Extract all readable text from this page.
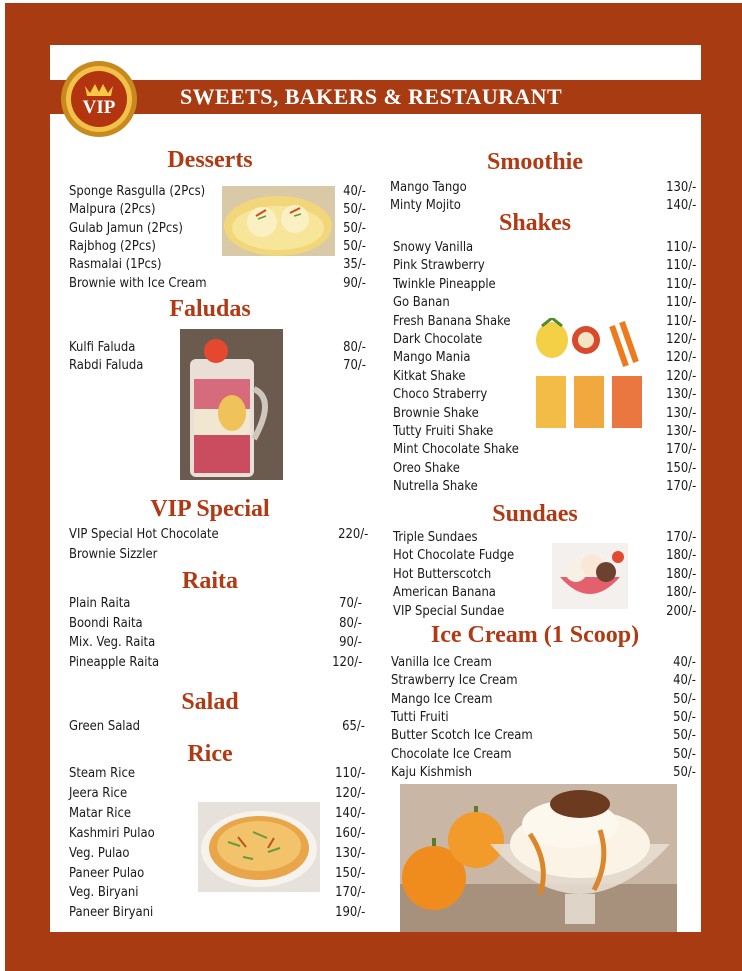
SWEETS, BAKERS & RESTAURANT
VIP
Desserts
Sponge Rasgulla (2Pcs)	40/-
Malpura (2Pcs)	50/-
Gulab Jamun (2Pcs)	50/-
Rajbhog (2Pcs)	50/-
Rasmalai (1Pcs)	35/-
Brownie with Ice Cream	90/-
Faludas
Kulfi Faluda	80/-
Rabdi Faluda	70/-
VIP Special
VIP Special Hot Chocolate	220/-
Brownie Sizzler
Raita
Plain Raita	70/-
Boondi Raita	80/-
Mix. Veg. Raita	90/-
Pineapple Raita	120/-
Salad
Green Salad	65/-
Rice
Steam Rice	110/-
Jeera Rice	120/-
Matar Rice	140/-
Kashmiri Pulao	160/-
Veg. Pulao	130/-
Paneer Pulao	150/-
Veg. Biryani	170/-
Paneer Biryani	190/-
Smoothie
Mango Tango	130/-
Minty Mojito	140/-
Shakes
Snowy Vanilla	110/-
Pink Strawberry	110/-
Twinkle Pineapple	110/-
Go Banan	110/-
Fresh Banana Shake	110/-
Dark Chocolate	120/-
Mango Mania	120/-
Kitkat Shake	120/-
Choco Straberry	130/-
Brownie Shake	130/-
Tutty Fruiti Shake	130/-
Mint Chocolate Shake	170/-
Oreo Shake	150/-
Nutrella Shake	170/-
Sundaes
Triple Sundaes	170/-
Hot Chocolate Fudge	180/-
Hot Butterscotch	180/-
American Banana	180/-
VIP Special Sundae	200/-
Ice Cream (1 Scoop)
Vanilla Ice Cream	40/-
Strawberry Ice Cream	40/-
Mango Ice Cream	50/-
Tutti Fruiti	50/-
Butter Scotch Ice Cream	50/-
Chocolate Ice Cream	50/-
Kaju Kishmish	50/-
